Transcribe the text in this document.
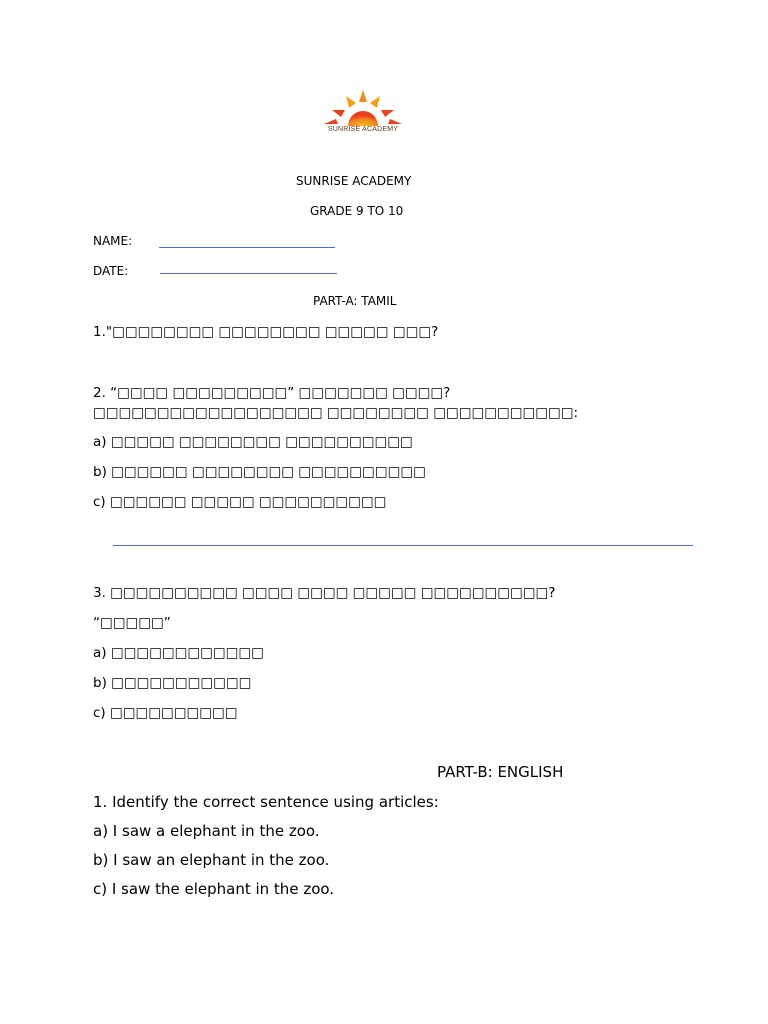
SUNRISE ACADEMY
SUNRISE ACADEMY
GRADE 9 TO 10
NAME:
DATE:
PART-A: TAMIL
1."□□□□□□□□ □□□□□□□□ □□□□□ □□□?
2. “□□□□ □□□□□□□□□” □□□□□□□ □□□□? □□□□□□□□□□□□□□□□□□ □□□□□□□□ □□□□□□□□□□□:
a) □□□□□ □□□□□□□□ □□□□□□□□□□
b) □□□□□□ □□□□□□□□ □□□□□□□□□□
c) □□□□□□ □□□□□ □□□□□□□□□□
3. □□□□□□□□□□ □□□□ □□□□ □□□□□ □□□□□□□□□□?
“□□□□□”
a) □□□□□□□□□□□□
b) □□□□□□□□□□□
c) □□□□□□□□□□
PART-B: ENGLISH
1. Identify the correct sentence using articles:
a) I saw a elephant in the zoo.
b) I saw an elephant in the zoo.
c) I saw the elephant in the zoo.
